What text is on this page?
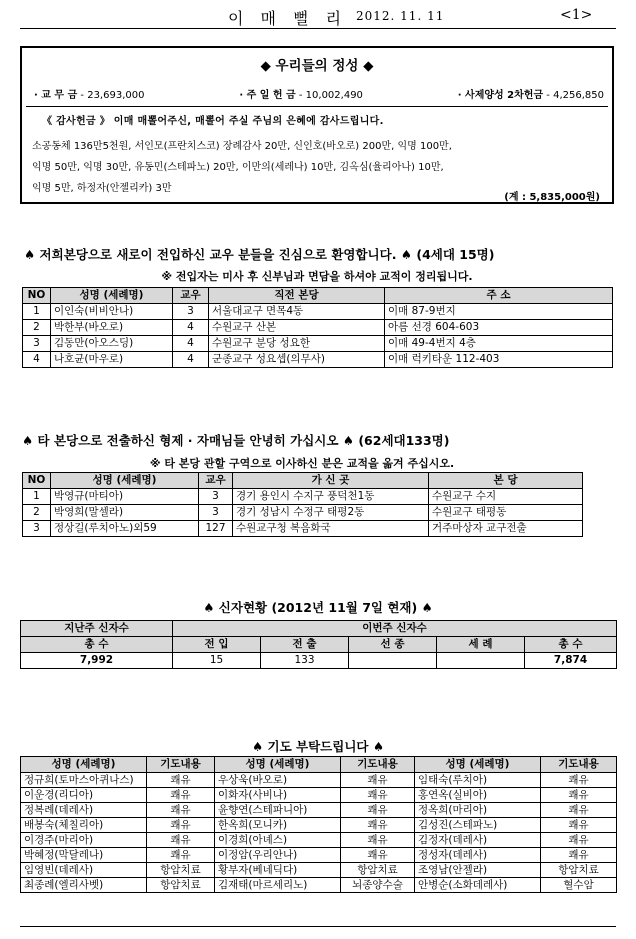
이 매 뻘 리 2012. 11. 11	<1>
◆ 우리들의 정성 ◆
· 교 무 금 - 23,693,000	· 주 일 헌 금 - 10,002,490	· 사제양성 2차헌금 - 4,256,850
《 감사헌금 》 이매 매뽈어주신, 매뽈어 주실 주님의 은혜에 감사드립니다.
소공동체 136만5천원, 서인모(프란치스코) 장례감사 20만, 신인호(바오로) 200만, 익명 100만,
익명 50만, 익명 30만, 유동민(스테파노) 20만, 이만의(세레나) 10만, 김옥심(율리아나) 10만,
익명 5만, 하정자(안젤리카) 3만
(계 : 5,835,000원)
♠ 저희본당으로 새로이 전입하신 교우 분들을 진심으로 환영합니다. ♠ (4세대 15명)
※ 전입자는 미사 후 신부님과 면담을 하셔야 교적이 정리됩니다.
NO	성명 (세례명)	교우	직전 본당	주 소
1	이인숙(비비안나)	3	서울대교구 면목4동	이매 87-9번지
2	박한부(바오로)	4	수원교구 산본	아름 선경 604-603
3	김동만(아오스딩)	4	수원교구 분당 성요한	이매 49-4번지 4층
4	나호균(마우로)	4	군종교구 성요셉(의무사)	이매 럭키타운 112-403
♠ 타 본당으로 전출하신 형제 · 자매님들 안녕히 가십시오 ♠ (62세대133명)
※ 타 본당 관할 구역으로 이사하신 분은 교적을 옮겨 주십시오.
NO	성명 (세례명)	교우	가 신 곳	본 당
1	박영규(마티아)	3	경기 용인시 수지구 풍덕천1동	수원교구 수지
2	박영희(말셀라)	3	경기 성남시 수정구 태평2동	수원교구 태평동
3	정상길(루치아노)외59	127	수원교구청 복음화국	거주마상자 교구전출
♠ 신자현황 (2012년 11월 7일 현재) ♠
지난주 신자수	이번주 신자수				
총 수	전 입	전 출	선 종	세 례	총 수
7,992	15	133			7,874
♠ 기도 부탁드립니다 ♠
성명 (세례명)	기도내용	성명 (세례명)	기도내용	성명 (세례명)	기도내용
정규희(토마스아퀴나스)	쾌유	우상욱(바오로)	쾌유	임태숙(루치아)	쾌유
이운경(리디아)	쾌유	이화자(사비나)	쾌유	홍연옥(실비아)	쾌유
정복례(데레사)	쾌유	윤향연(스테파니아)	쾌유	정옥희(마리아)	쾌유
배봉숙(체칠리아)	쾌유	한옥희(모니카)	쾌유	김성진(스테파노)	쾌유
이경주(마리아)	쾌유	이경희(아녜스)	쾌유	김정자(데레사)	쾌유
박혜정(막달레나)	쾌유	이정암(우리안나)	쾌유	정성자(데레사)	쾌유
임영빈(데레사)	항암치료	황부자(베네딕다)	항암치료	조영남(안젤라)	항암치료
최종례(엘리사벳)	항암치료	김재태(마르세리노)	뇌종양수술	안병순(소화데레사)	혈수암
